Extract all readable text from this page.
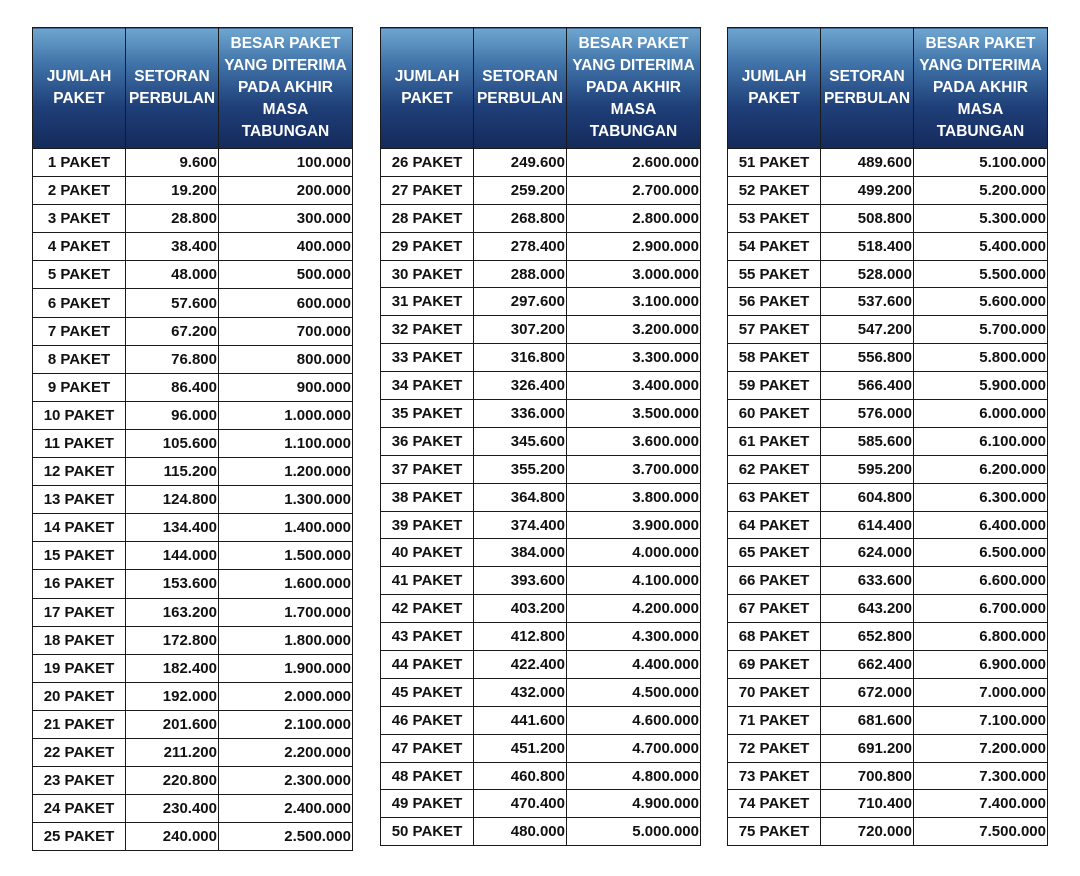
JUMLAH PAKET	SETORAN PERBULAN	BESAR PAKET YANG DITERIMA PADA AKHIR MASA TABUNGAN
1 PAKET	9.600	100.000
2 PAKET	19.200	200.000
3 PAKET	28.800	300.000
4 PAKET	38.400	400.000
5 PAKET	48.000	500.000
6 PAKET	57.600	600.000
7 PAKET	67.200	700.000
8 PAKET	76.800	800.000
9 PAKET	86.400	900.000
10 PAKET	96.000	1.000.000
11 PAKET	105.600	1.100.000
12 PAKET	115.200	1.200.000
13 PAKET	124.800	1.300.000
14 PAKET	134.400	1.400.000
15 PAKET	144.000	1.500.000
16 PAKET	153.600	1.600.000
17 PAKET	163.200	1.700.000
18 PAKET	172.800	1.800.000
19 PAKET	182.400	1.900.000
20 PAKET	192.000	2.000.000
21 PAKET	201.600	2.100.000
22 PAKET	211.200	2.200.000
23 PAKET	220.800	2.300.000
24 PAKET	230.400	2.400.000
25 PAKET	240.000	2.500.000
JUMLAH PAKET	SETORAN PERBULAN	BESAR PAKET YANG DITERIMA PADA AKHIR MASA TABUNGAN
26 PAKET	249.600	2.600.000
27 PAKET	259.200	2.700.000
28 PAKET	268.800	2.800.000
29 PAKET	278.400	2.900.000
30 PAKET	288.000	3.000.000
31 PAKET	297.600	3.100.000
32 PAKET	307.200	3.200.000
33 PAKET	316.800	3.300.000
34 PAKET	326.400	3.400.000
35 PAKET	336.000	3.500.000
36 PAKET	345.600	3.600.000
37 PAKET	355.200	3.700.000
38 PAKET	364.800	3.800.000
39 PAKET	374.400	3.900.000
40 PAKET	384.000	4.000.000
41 PAKET	393.600	4.100.000
42 PAKET	403.200	4.200.000
43 PAKET	412.800	4.300.000
44 PAKET	422.400	4.400.000
45 PAKET	432.000	4.500.000
46 PAKET	441.600	4.600.000
47 PAKET	451.200	4.700.000
48 PAKET	460.800	4.800.000
49 PAKET	470.400	4.900.000
50 PAKET	480.000	5.000.000
JUMLAH PAKET	SETORAN PERBULAN	BESAR PAKET YANG DITERIMA PADA AKHIR MASA TABUNGAN
51 PAKET	489.600	5.100.000
52 PAKET	499.200	5.200.000
53 PAKET	508.800	5.300.000
54 PAKET	518.400	5.400.000
55 PAKET	528.000	5.500.000
56 PAKET	537.600	5.600.000
57 PAKET	547.200	5.700.000
58 PAKET	556.800	5.800.000
59 PAKET	566.400	5.900.000
60 PAKET	576.000	6.000.000
61 PAKET	585.600	6.100.000
62 PAKET	595.200	6.200.000
63 PAKET	604.800	6.300.000
64 PAKET	614.400	6.400.000
65 PAKET	624.000	6.500.000
66 PAKET	633.600	6.600.000
67 PAKET	643.200	6.700.000
68 PAKET	652.800	6.800.000
69 PAKET	662.400	6.900.000
70 PAKET	672.000	7.000.000
71 PAKET	681.600	7.100.000
72 PAKET	691.200	7.200.000
73 PAKET	700.800	7.300.000
74 PAKET	710.400	7.400.000
75 PAKET	720.000	7.500.000
